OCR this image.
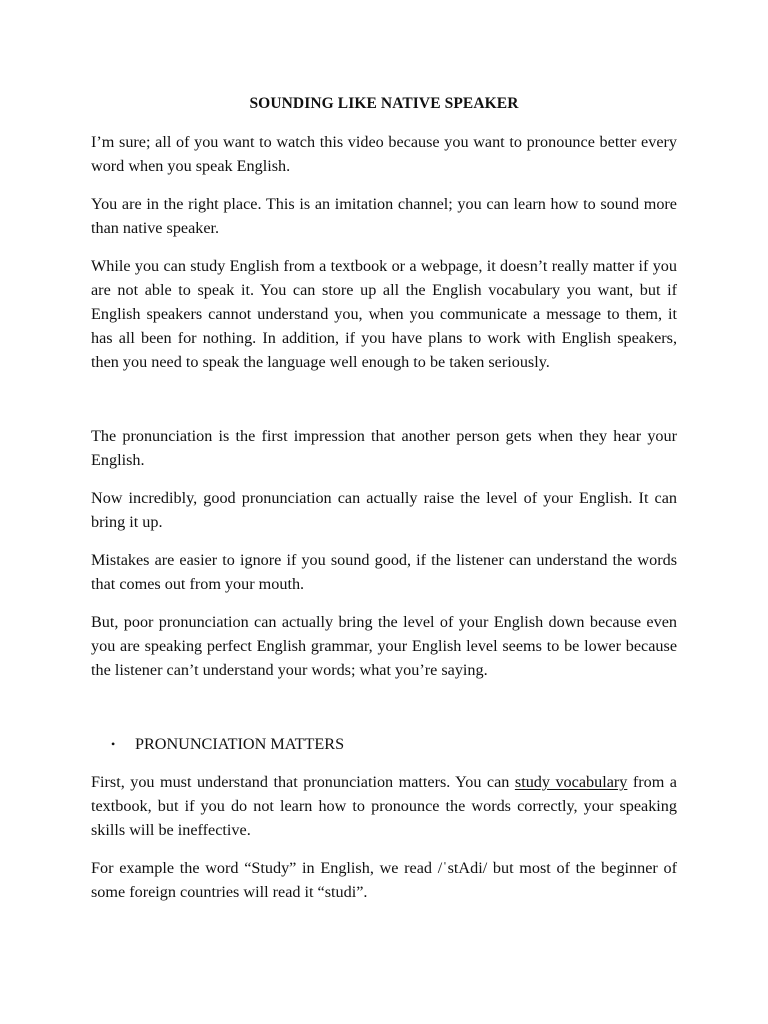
SOUNDING LIKE NATIVE SPEAKER

I’m sure; all of you want to watch this video because you want to pronounce better every word when you speak English.

You are in the right place. This is an imitation channel; you can learn how to sound more than native speaker.

While you can study English from a textbook or a webpage, it doesn’t really matter if you are not able to speak it. You can store up all the English vocabulary you want, but if English speakers cannot understand you, when you communicate a message to them, it has all been for nothing. In addition, if you have plans to work with English speakers, then you need to speak the language well enough to be taken seriously.

The pronunciation is the first impression that another person gets when they hear your English.

Now incredibly, good pronunciation can actually raise the level of your English. It can bring it up.

Mistakes are easier to ignore if you sound good, if the listener can understand the words that comes out from your mouth.

But, poor pronunciation can actually bring the level of your English down because even you are speaking perfect English grammar, your English level seems to be lower because the listener can’t understand your words; what you’re saying.

•	PRONUNCIATION MATTERS

First, you must understand that pronunciation matters. You can study vocabulary from a textbook, but if you do not learn how to pronounce the words correctly, your speaking skills will be ineffective.

For example the word “Study” in English, we read /ˈstAdi/ but most of the beginner of some foreign countries will read it “studi”.
